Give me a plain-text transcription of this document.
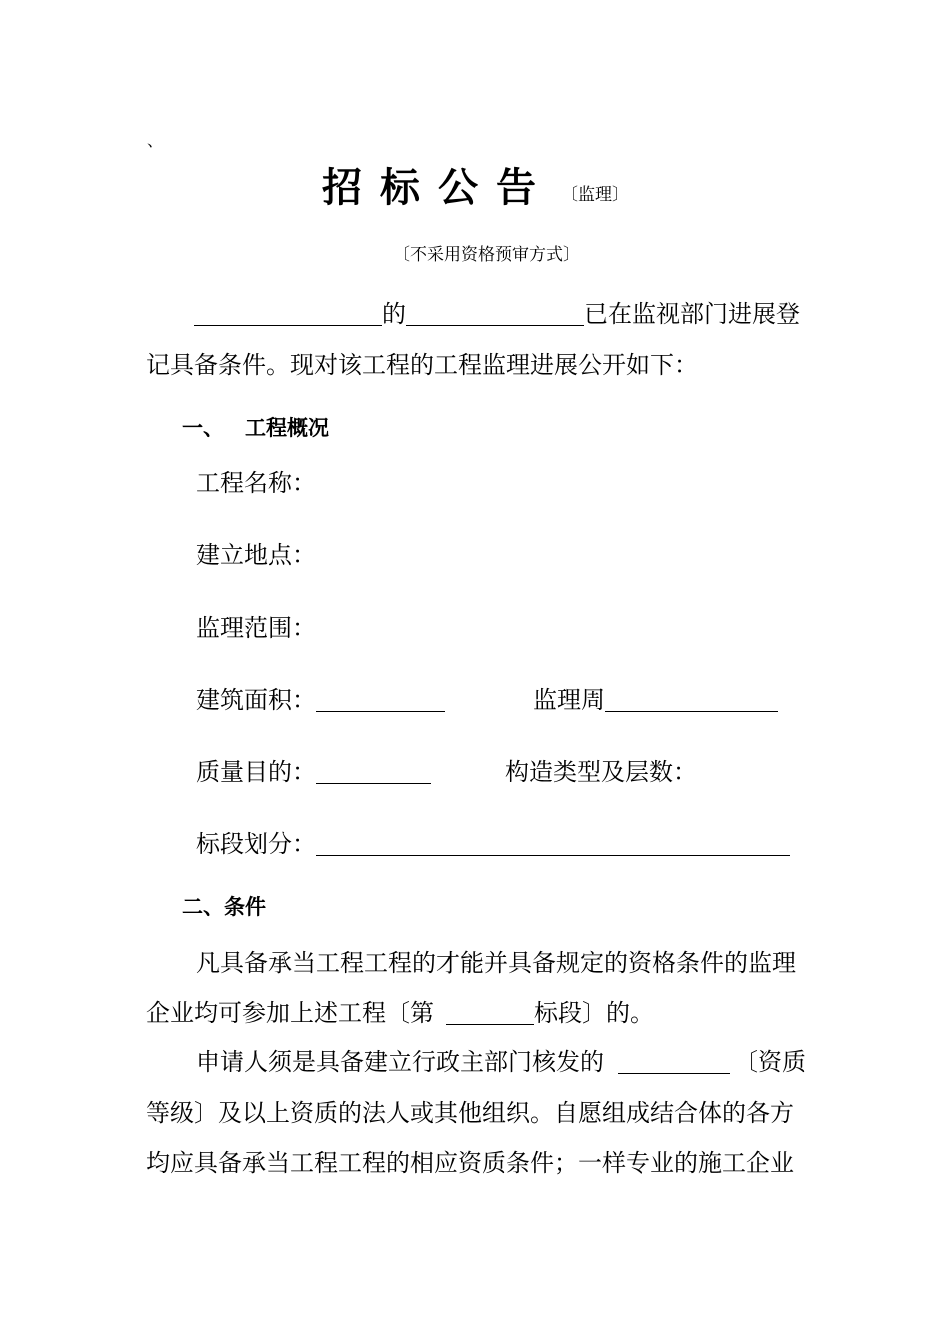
、
招标公告 〔监理〕
〔不采用资格预审方式〕
的	已在监视部门进展登
记具备条件。现对该工程的工程监理进展公开如下：
一、 工程概况
工程名称：
建立地点：
监理范围：
建筑面积：	监理周
质量目的：	构造类型及层数：
标段划分：
二、条件
凡具备承当工程工程的才能并具备规定的资格条件的监理
企业均可参加上述工程〔第	标段〕的。
申请人须是具备建立行政主部门核发的	〔资质
等级〕及以上资质的法人或其他组织。自愿组成结合体的各方
均应具备承当工程工程的相应资质条件；一样专业的施工企业
